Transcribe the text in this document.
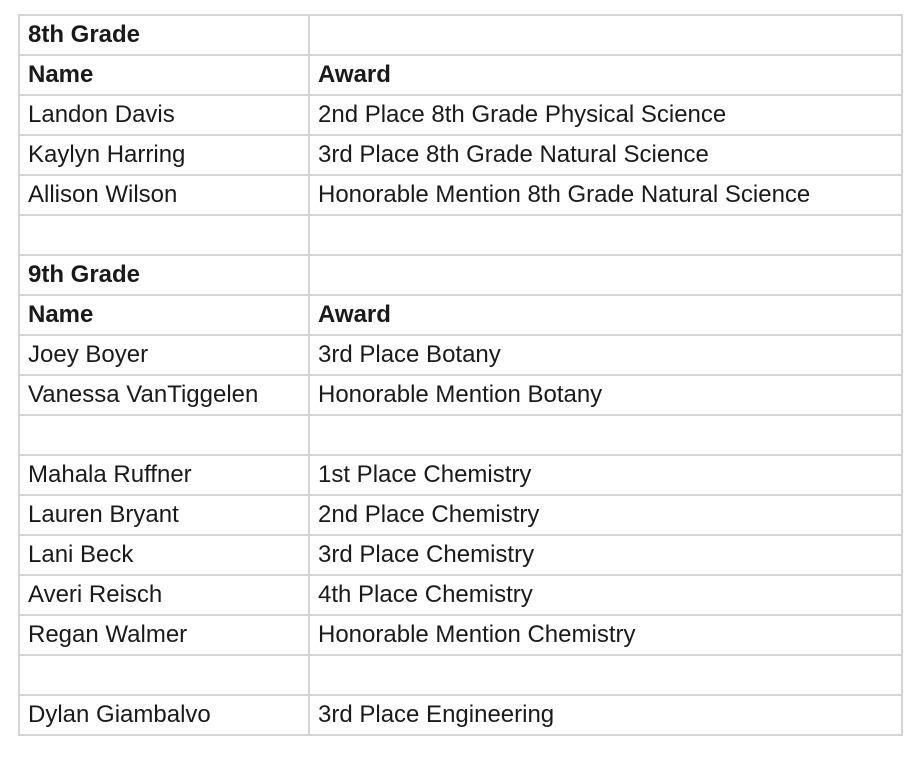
8th Grade	
Name	Award
Landon Davis	2nd Place 8th Grade Physical Science
Kaylyn Harring	3rd Place 8th Grade Natural Science
Allison Wilson	Honorable Mention 8th Grade Natural Science

9th Grade	
Name	Award
Joey Boyer	3rd Place Botany
Vanessa VanTiggelen	Honorable Mention Botany

Mahala Ruffner	1st Place Chemistry
Lauren Bryant	2nd Place Chemistry
Lani Beck	3rd Place Chemistry
Averi Reisch	4th Place Chemistry
Regan Walmer	Honorable Mention Chemistry

Dylan Giambalvo	3rd Place Engineering
